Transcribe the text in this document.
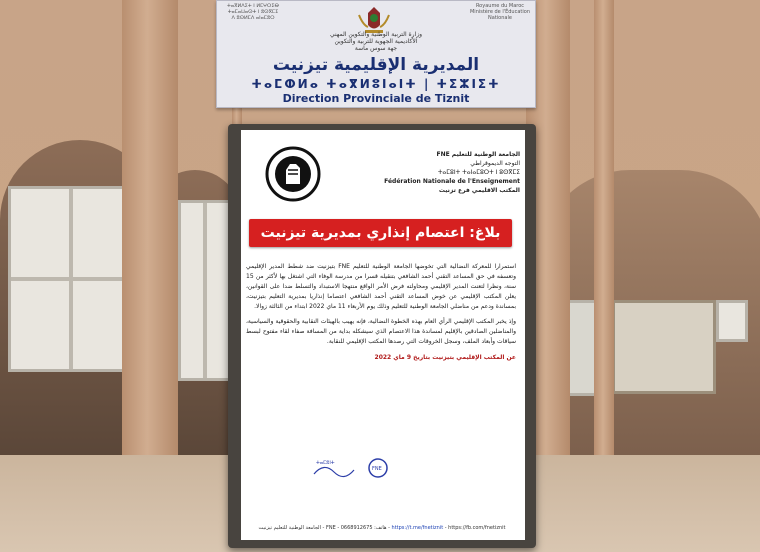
ⵜⴰⴳⵍⴷⵉⵜ ⵏ ⵍⵎⵖⵔⵉⴱ
ⵜⴰⵎⴰⵡⴰⵙⵜ ⵏ ⵓⵙⴳⵎⵉ
ⴷ ⵓⵙⵍⵎⴷ ⴰⵏⴰⵎⵓⵔ
Royaume du Maroc
Ministère de l'Éducation
Nationale
وزارة التربية الوطنية والتكوين المهني
الأكاديمية الجهوية للتربية والتكوين
جهة سوس ماسة
المديرية الإقليمية تيزنيت
ⵜⴰⵎⵀⵍⴰ ⵜⴰⴳⵍⵓⵏⴰⵏⵜ | ⵜⵉⵣⵏⵉⵜ
Direction Provinciale de Tiznit
الجامعة الوطنية للتعليم FNE
التوجه الديموقراطي
ⵜⴰⵎⵓⵏⵜ ⵜⴰⵏⴰⵎⵓⵔⵜ ⵏ ⵓⵙⴳⵎⵉ
Fédération Nationale de l'Enseignement
المكتب الاقليمي فرع تزنيت
بلاغ: اعتصام إنذاري بمديرية تيزنيت

استمرارا للمعركة النضالية التي تخوضها الجامعة الوطنية للتعليم FNE بتيزنيت ضد شطط المدير الإقليمي وتعسفه في حق المساعد التقني أحمد الشافعي بتنقيله قسرا من مدرسة الوفاء التي اشتغل بها لأكثر من 15 سنة، ونظرا لتعنت المدير الإقليمي ومحاولته فرض الأمر الواقع منتهجا الاستبداد والتسلط ضدا على القوانين، يعلن المكتب الإقليمي عن خوض المساعد التقني أحمد الشافعي اعتصاما إنذاريا بمديرية التعليم بتيزنيت، بمساندة ودعم من مناضلي الجامعة الوطنية للتعليم وذلك يوم الأربعاء 11 ماي 2022 ابتداء من الثالثة زوالا.

وإذ يخبر المكتب الإقليمي الرأي العام بهذه الخطوة النضالية، فإنه يهيب بالهيئات النقابية والحقوقية والسياسية، والمناضلين الصادقين بالإقليم لمساندة هذا الاعتصام الذي سيشكله بداية من المسافة صفاء لقاء مفتوح لبسط سياقات وأبعاد الملف، وسجل الخروقات التي رصدها المكتب الإقليمي للنقابة.

عن المكتب الإقليمي بتيزنيت بتاريخ 9 ماي 2022
ⵜⴰⵎⵓⵏⵜ
FNE
الجامعة الوطنية للتعليم تيزنيت - FNE - هاتف: 0668912675 - https://t.me/fnetiznit - https://fb.com/fnetiznit
